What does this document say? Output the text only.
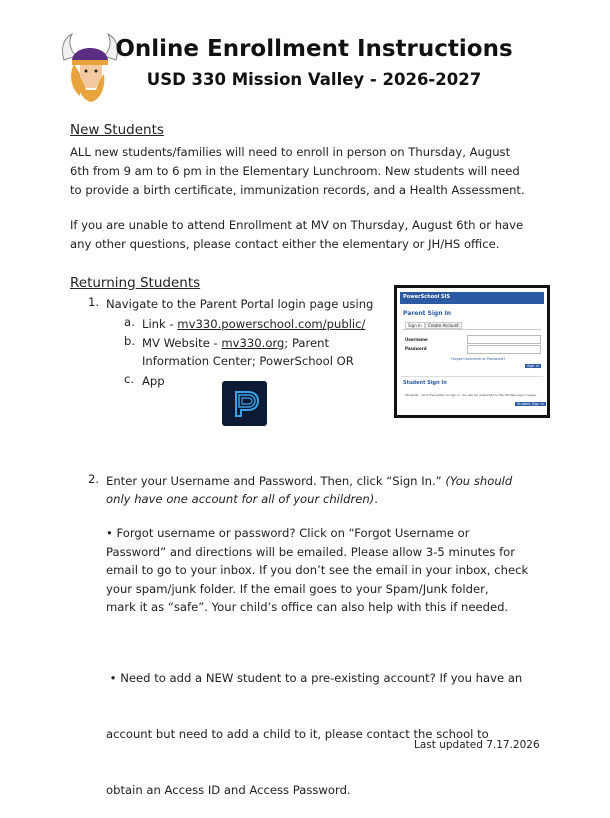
Online Enrollment Instructions
USD 330 Mission Valley - 2026-2027
New Students
ALL new students/families will need to enroll in person on Thursday, August
6th from 9 am to 6 pm in the Elementary Lunchroom. New students will need
to provide a birth certificate, immunization records, and a Health Assessment.
If you are unable to attend Enrollment at MV on Thursday, August 6th or have
any other questions, please contact either the elementary or JH/HS office.
Returning Students
1. Navigate to the Parent Portal login page using
a. Link - mv330.powerschool.com/public/
b. MV Website - mv330.org; Parent
Information Center; PowerSchool OR
c. App
PowerSchool SIS
Parent Sign In
Sign In	Create Account
Username
Password
Forgot Username or Password?
Sign In
Student Sign In
Students - Click the button to sign in. You will be redirected to the Student sign in page.
Student Sign In
2. Enter your Username and Password. Then, click “Sign In.” (You should
only have one account for all of your children).
• Forgot username or password? Click on “Forgot Username or
Password” and directions will be emailed. Please allow 3-5 minutes for
email to go to your inbox. If you don’t see the email in your inbox, check
your spam/junk folder. If the email goes to your Spam/Junk folder,
mark it as “safe”. Your child’s office can also help with this if needed.

• Need to add a NEW student to a pre-existing account? If you have an

account but need to add a child to it, please contact the school to

obtain an Access ID and Access Password.

Last updated 7.17.2026
